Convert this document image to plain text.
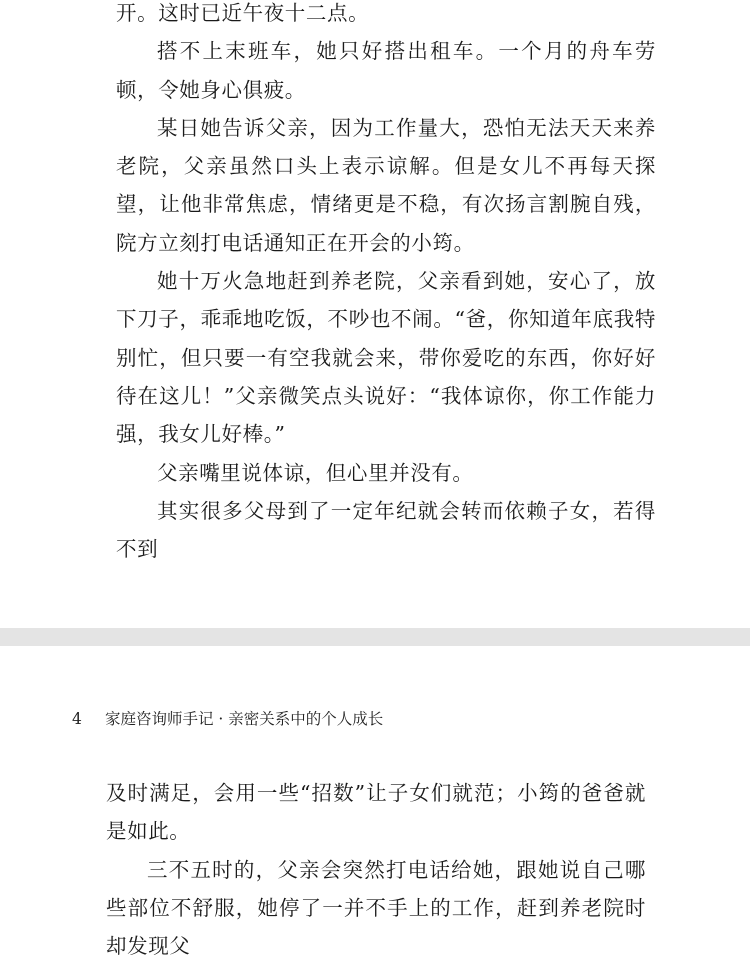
开。这时已近午夜十二点。

搭不上末班车，她只好搭出租车。一个月的舟车劳顿，令她身心俱疲。

某日她告诉父亲，因为工作量大，恐怕无法天天来养老院，父亲虽然口头上表示谅解。但是女儿不再每天探望，让他非常焦虑，情绪更是不稳，有次扬言割腕自残，院方立刻打电话通知正在开会的小筠。

她十万火急地赶到养老院，父亲看到她，安心了，放下刀子，乖乖地吃饭，不吵也不闹。“爸，你知道年底我特别忙，但只要一有空我就会来，带你爱吃的东西，你好好待在这儿！”父亲微笑点头说好：“我体谅你，你工作能力强，我女儿好棒。”

父亲嘴里说体谅，但心里并没有。

其实很多父母到了一定年纪就会转而依赖子女，若得不到

4 家庭咨询师手记 · 亲密关系中的个人成长

及时满足，会用一些“招数”让子女们就范；小筠的爸爸就是如此。

三不五时的，父亲会突然打电话给她，跟她说自己哪些部位不舒服，她停了一并不手上的工作，赶到养老院时却发现父
